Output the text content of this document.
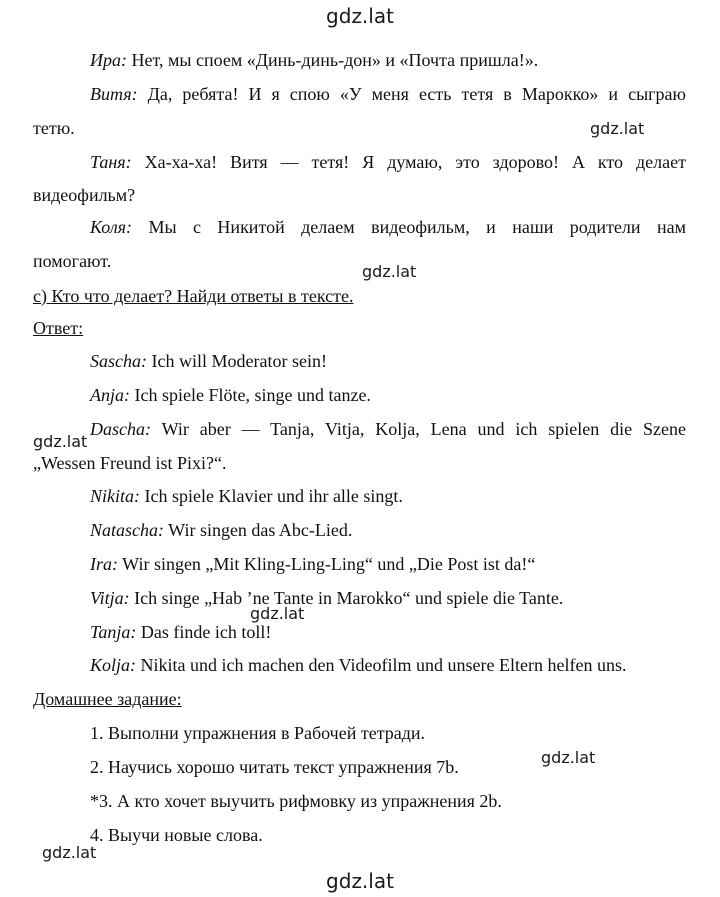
gdz.lat
Ира: Нет, мы споем «Динь-динь-дон» и «Почта пришла!».
Витя: Да, ребята! И я спою «У меня есть тетя в Марокко» и сыграю
тетю.	gdz.lat
Таня: Ха-ха-ха! Витя — тетя! Я думаю, это здорово! А кто делает
видеофильм?
Коля: Мы с Никитой делаем видеофильм, и наши родители нам
помогают.
gdz.lat
с) Кто что делает? Найди ответы в тексте.
Ответ:
Sascha: Ich will Moderator sein!
Anja: Ich spiele Flöte, singe und tanze.
Dascha: Wir aber — Tanja, Vitja, Kolja, Lena und ich spielen die Szene
gdz.lat
„Wessen Freund ist Pixi?“.
Nikita: Ich spiele Klavier und ihr alle singt.
Natascha: Wir singen das Abc-Lied.
Ira: Wir singen „Mit Kling-Ling-Ling“ und „Die Post ist da!“
Vitja: Ich singe „Hab ’ne Tante in Marokko“ und spiele die Tante.
gdz.lat
Tanja: Das finde ich toll!
Kolja: Nikita und ich machen den Videofilm und unsere Eltern helfen uns.
Домашнее задание:
1. Выполни упражнения в Рабочей тетради.
2. Научись хорошо читать текст упражнения 7b.	gdz.lat
*3. А кто хочет выучить рифмовку из упражнения 2b.
4. Выучи новые слова.
gdz.lat
gdz.lat
